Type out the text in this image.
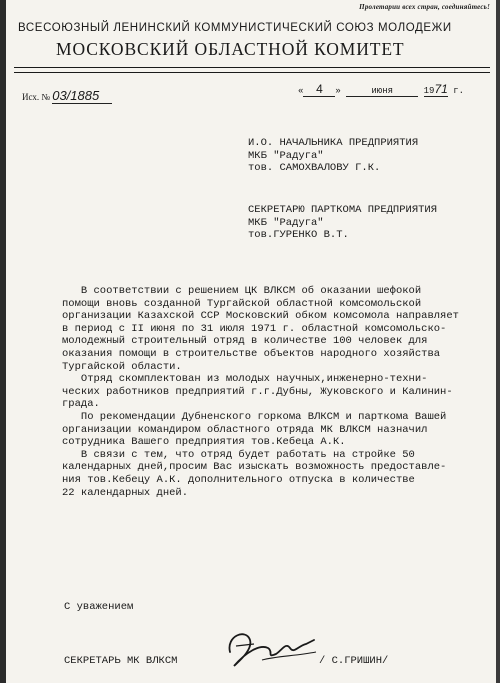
Пролетарии всех стран, соединяйтесь!
ВСЕСОЮЗНЫЙ ЛЕНИНСКИЙ КОММУНИСТИЧЕСКИЙ СОЮЗ МОЛОДЕЖИ
МОСКОВСКИЙ ОБЛАСТНОЙ КОМИТЕТ
Исх. № 03/1885	« 4 »	июня	1971 г.
И.О. НАЧАЛЬНИКА ПРЕДПРИЯТИЯ
МКБ "Радуга"
тов. САМОХВАЛОВУ Г.К.
СЕКРЕТАРЮ ПАРТКОМА ПРЕДПРИЯТИЯ
МКБ "Радуга"
тов.ГУРЕНКО В.Т.
В соответствии с решением ЦК ВЛКСМ об оказании шефокой
помощи вновь созданной Тургайской областной комсомольской
организации Казахской ССР Московский обком комсомола направляет
в период с II июня по 31 июля 1971 г. областной комсомольско-
молодежный строительный отряд в количестве 100 человек для
оказания помощи в строительстве объектов народного хозяйства
Тургайской области.
Отряд скомплектован из молодых научных,инженерно-техни-
ческих работников предприятий г.г.Дубны, Жуковского и Калинин-
града.
По рекомендации Дубненского горкома ВЛКСМ и парткома Вашей
организации командиром областного отряда МК ВЛКСМ назначил
сотрудника Вашего предприятия тов.Кебеца А.К.
В связи с тем, что отряд будет работать на стройке 50
календарных дней,просим Вас изыскать возможность предоставле-
ния тов.Кебецу А.К. дополнительного отпуска в количестве
22 календарных дней.
С уважением
СЕКРЕТАРЬ МК ВЛКСМ	/ С.ГРИШИН/
